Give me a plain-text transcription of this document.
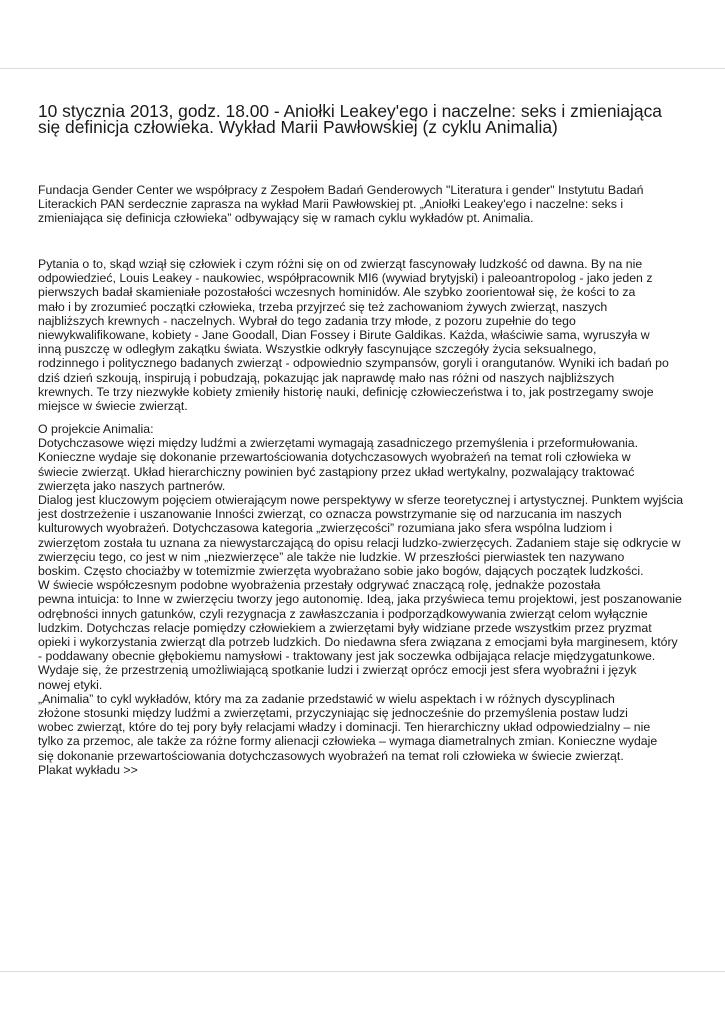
10 stycznia 2013, godz. 18.00 - Aniołki Leakey'ego i naczelne: seks i zmieniająca
się definicja człowieka. Wykład Marii Pawłowskiej (z cyklu Animalia)
Fundacja Gender Center we współpracy z Zespołem Badań Genderowych "Literatura i gender" Instytutu Badań
Literackich PAN serdecznie zaprasza na wykład Marii Pawłowskiej pt. „Aniołki Leakey'ego i naczelne: seks i
zmieniająca się definicja człowieka” odbywający się w ramach cyklu wykładów pt. Animalia.
Pytania o to, skąd wziął się człowiek i czym różni się on od zwierząt fascynowały ludzkość od dawna. By na nie
odpowiedzieć, Louis Leakey - naukowiec, współpracownik MI6 (wywiad brytyjski) i paleoantropolog - jako jeden z
pierwszych badał skamieniałe pozostałości wczesnych hominidów. Ale szybko zoorientował się, że kości to za
mało i by zrozumieć początki człowieka, trzeba przyjrzeć się też zachowaniom żywych zwierząt, naszych
najbliższych krewnych - naczelnych. Wybrał do tego zadania trzy młode, z pozoru zupełnie do tego
niewykwalifikowane, kobiety - Jane Goodall, Dian Fossey i Birute Galdikas. Każda, właściwie sama, wyruszyła w
inną puszczę w odległym zakątku świata. Wszystkie odkryły fascynujące szczegóły życia seksualnego,
rodzinnego i politycznego badanych zwierząt - odpowiednio szympansów, goryli i orangutanów. Wyniki ich badań po
dziś dzień szkoują, inspirują i pobudzają, pokazując jak naprawdę mało nas różni od naszych najbliższych
krewnych. Te trzy niezwykłe kobiety zmieniły historię nauki, definicję człowieczeństwa i to, jak postrzegamy swoje
miejsce w świecie zwierząt.
O projekcie Animalia:
Dotychczasowe więzi między ludźmi a zwierzętami wymagają zasadniczego przemyślenia i przeformułowania.
Konieczne wydaje się dokonanie przewartościowania dotychczasowych wyobrażeń na temat roli człowieka w
świecie zwierząt. Układ hierarchiczny powinien być zastąpiony przez układ wertykalny, pozwalający traktować
zwierzęta jako naszych partnerów.
Dialog jest kluczowym pojęciem otwierającym nowe perspektywy w sferze teoretycznej i artystycznej. Punktem wyjścia
jest dostrzeżenie i uszanowanie Inności zwierząt, co oznacza powstrzymanie się od narzucania im naszych
kulturowych wyobrażeń. Dotychczasowa kategoria „zwierzęcości” rozumiana jako sfera wspólna ludziom i
zwierzętom została tu uznana za niewystarczającą do opisu relacji ludzko-zwierzęcych. Zadaniem staje się odkrycie w
zwierzęciu tego, co jest w nim „niezwierzęce” ale także nie ludzkie. W przeszłości pierwiastek ten nazywano
boskim. Często chociażby w totemizmie zwierzęta wyobrażano sobie jako bogów, dających początek ludzkości.
W świecie współczesnym podobne wyobrażenia przestały odgrywać znaczącą rolę, jednakże pozostała
pewna intuicja: to Inne w zwierzęciu tworzy jego autonomię. Ideą, jaka przyświeca temu projektowi, jest poszanowanie
odrębności innych gatunków, czyli rezygnacja z zawłaszczania i podporządkowywania zwierząt celom wyłącznie
ludzkim. Dotychczas relacje pomiędzy człowiekiem a zwierzętami były widziane przede wszystkim przez pryzmat
opieki i wykorzystania zwierząt dla potrzeb ludzkich. Do niedawna sfera związana z emocjami była marginesem, który
- poddawany obecnie głębokiemu namysłowi - traktowany jest jak soczewka odbijająca relacje międzygatunkowe.
Wydaje się, że przestrzenią umożliwiającą spotkanie ludzi i zwierząt oprócz emocji jest sfera wyobraźni i język
nowej etyki.
„Animalia” to cykl wykładów, który ma za zadanie przedstawić w wielu aspektach i w różnych dyscyplinach
złożone stosunki między ludźmi a zwierzętami, przyczyniając się jednocześnie do przemyślenia postaw ludzi
wobec zwierząt, które do tej pory były relacjami władzy i dominacji. Ten hierarchiczny układ odpowiedzialny – nie
tylko za przemoc, ale także za różne formy alienacji człowieka – wymaga diametralnych zmian. Konieczne wydaje
się dokonanie przewartościowania dotychczasowych wyobrażeń na temat roli człowieka w świecie zwierząt.
Plakat wykładu >>
